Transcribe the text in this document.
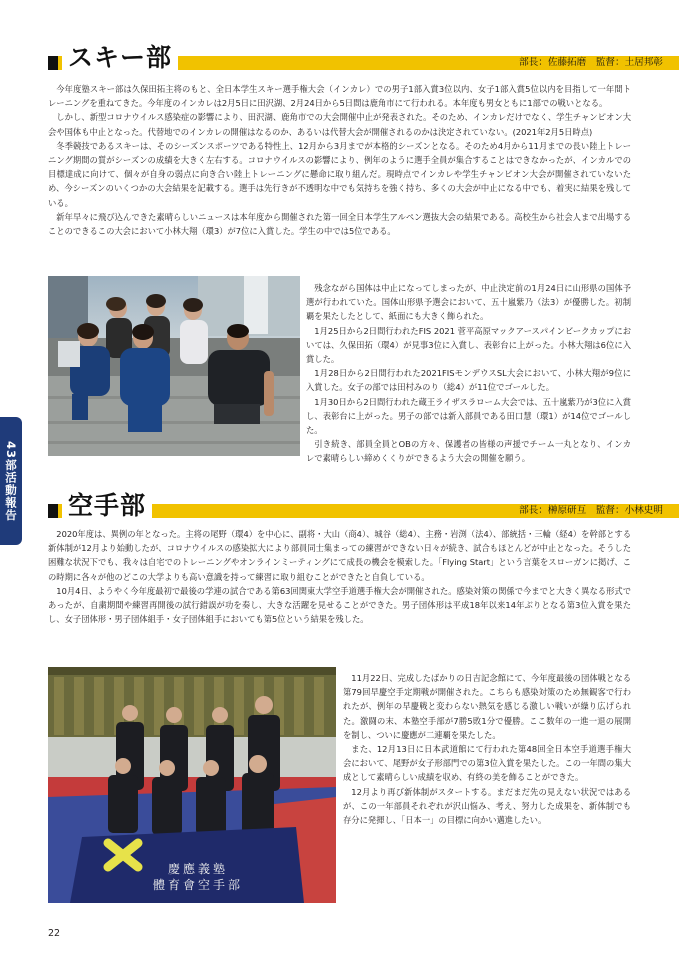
43部活動報告
スキー部	部長：佐藤拓磨　監督：土居邦彰

今年度塾スキー部は久保田拓主将のもと、全日本学生スキー選手権大会（インカレ）での男子1部入賞3位以内、女子1部入賞5位以内を目指して一年間トレーニングを重ねてきた。今年度のインカレは2月5日に田沢湖、2月24日から5日間は鹿角市にて行われる。本年度も男女ともに1部での戦いとなる。

しかし、新型コロナウイルス感染症の影響により、田沢湖、鹿角市での大会開催中止が発表された。そのため、インカレだけでなく、学生チャンピオン大会や国体も中止となった。代替地でのインカレの開催はなるのか、あるいは代替大会が開催されるのかは決定されていない。(2021年2月5日時点)

冬季競技であるスキーは、そのシーズンスポーツである特性上、12月から3月までが本格的シーズンとなる。そのため4月から11月までの長い陸上トレーニング期間の質がシーズンの成績を大きく左右する。コロナウイルスの影響により、例年のように選手全員が集合することはできなかったが、インカルでの目標達成に向けて、個々が自身の弱点に向き合い陸上トレーニングに懸命に取り組んだ。現時点でインカレや学生チャンピオン大会が開催されていないため、今シーズンのいくつかの大会結果を記載する。選手は先行きが不透明な中でも気持ちを強く持ち、多くの大会が中止になる中でも、着実に結果を残している。

新年早々に飛び込んできた素晴らしいニュースは本年度から開催された第一回全日本学生アルペン選抜大会の結果である。高校生から社会人まで出場することのできるこの大会において小林大翔（環3）が7位に入賞した。学生の中では5位である。

残念ながら国体は中止になってしまったが、中止決定前の1月24日に山形県の国体予選が行われていた。国体山形県予選会において、五十嵐紫乃（法3）が優勝した。初制覇を果たしたとして、紙面にも大きく飾られた。

1月25日から2日間行われたFIS 2021 菅平高原マックアースパインビークカップにおいては、久保田拓（環4）が見事3位に入賞し、表彰台に上がった。小林大翔は6位に入賞した。

1月28日から2日間行われた2021FISモンデウスSL大会において、小林大翔が9位に入賞した。女子の部では田村みのり（総4）が11位でゴールした。

1月30日から2日間行われた蔵王ライザスラローム大会では、五十嵐紫乃が3位に入賞し、表彰台に上がった。男子の部では新入部員である田口慧（環1）が14位でゴールした。

引き続き、部員全員とOBの方々、保護者の皆様の声援でチーム一丸となり、インカレで素晴らしい締めくくりができるよう大会の開催を願う。

空手部	部長：榊原研互　監督：小林史明

2020年度は、異例の年となった。主将の尾野（環4）を中心に、副将・大山（商4）、城谷（総4）、主務・岩渕（法4）、部統括・三輪（経4）を幹部とする新体制が12月より始動したが、コロナウイルスの感染拡大により部員同士集まっての練習ができない日々が続き、試合もほとんどが中止となった。そうした困難な状況下でも、我々は自宅でのトレーニングやオンラインミーティングにて成長の機会を模索した。「Flying Start」という言葉をスローガンに掲げ、この時期に各々が他のどこの大学よりも高い意識を持って練習に取り組むことができたと自負している。

10月4日、ようやく今年度最初で最後の学連の試合である第63回関東大学空手道選手権大会が開催された。感染対策の関係で今までと大きく異なる形式であったが、自粛期間や練習再開後の試行錯誤が功を奏し、大きな活躍を見せることができた。男子団体形は平成18年以来14年ぶりとなる第3位入賞を果たし、女子団体形・男子団体組手・女子団体組手においても第5位という結果を残した。

慶應義塾體育會空手部

11月22日、完成したばかりの日吉記念館にて、今年度最後の団体戦となる第79回早慶空手定期戦が開催された。こちらも感染対策のため無観客で行われたが、例年の早慶戦と変わらない熱気を感じる激しい戦いが繰り広げられた。激闘の末、本塾空手部が7勝5敗1分で優勝。ここ数年の一進一退の展開を制し、ついに慶應が二連覇を果たした。

また、12月13日に日本武道館にて行われた第48回全日本空手道選手権大会において、尾野が女子形部門での第3位入賞を果たした。この一年間の集大成として素晴らしい成績を収め、有終の美を飾ることができた。

12月より再び新体制がスタートする。まだまだ先の見えない状況ではあるが、この一年部員それぞれが沢山悩み、考え、努力した成果を、新体制でも存分に発揮し、「日本一」の目標に向かい邁進したい。

22
